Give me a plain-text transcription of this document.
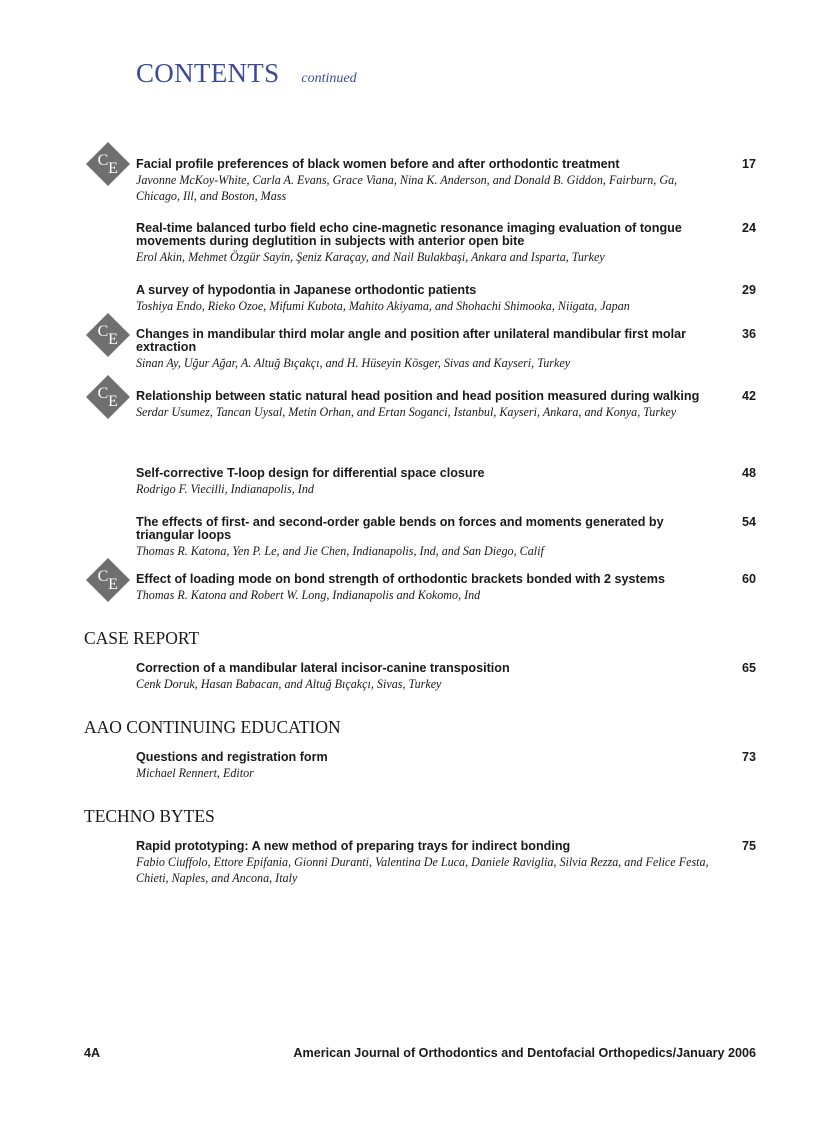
CONTENTS continued
C E
C E
C E
C E
Facial profile preferences of black women before and after orthodontic treatment
Javonne McKoy-White, Carla A. Evans, Grace Viana, Nina K. Anderson, and Donald B. Giddon, Fairburn, Ga, Chicago, Ill, and Boston, Mass
17
Real-time balanced turbo field echo cine-magnetic resonance imaging evaluation of tongue movements during deglutition in subjects with anterior open bite
Erol Akin, Mehmet Özgür Sayin, Şeniz Karaçay, and Nail Bulakbaşi, Ankara and Isparta, Turkey
24
A survey of hypodontia in Japanese orthodontic patients
Toshiya Endo, Rieko Ozoe, Mifumi Kubota, Mahito Akiyama, and Shohachi Shimooka, Niigata, Japan
29
Changes in mandibular third molar angle and position after unilateral mandibular first molar extraction
Sinan Ay, Uğur Ağar, A. Altuğ Bıçakçı, and H. Hüseyin Kösger, Sivas and Kayseri, Turkey
36
Relationship between static natural head position and head position measured during walking
Serdar Usumez, Tancan Uysal, Metin Orhan, and Ertan Soganci, Istanbul, Kayseri, Ankara, and Konya, Turkey
42
Self-corrective T-loop design for differential space closure
Rodrigo F. Viecilli, Indianapolis, Ind
48
The effects of first- and second-order gable bends on forces and moments generated by triangular loops
Thomas R. Katona, Yen P. Le, and Jie Chen, Indianapolis, Ind, and San Diego, Calif
54
Effect of loading mode on bond strength of orthodontic brackets bonded with 2 systems
Thomas R. Katona and Robert W. Long, Indianapolis and Kokomo, Ind
60
CASE REPORT
Correction of a mandibular lateral incisor-canine transposition
Cenk Doruk, Hasan Babacan, and Altuğ Bıçakçı, Sivas, Turkey
65
AAO CONTINUING EDUCATION
Questions and registration form
Michael Rennert, Editor
73
TECHNO BYTES
Rapid prototyping: A new method of preparing trays for indirect bonding
Fabio Ciuffolo, Ettore Epifania, Gionni Duranti, Valentina De Luca, Daniele Raviglia, Silvia Rezza, and Felice Festa, Chieti, Naples, and Ancona, Italy
75
4A	American Journal of Orthodontics and Dentofacial Orthopedics/January 2006
